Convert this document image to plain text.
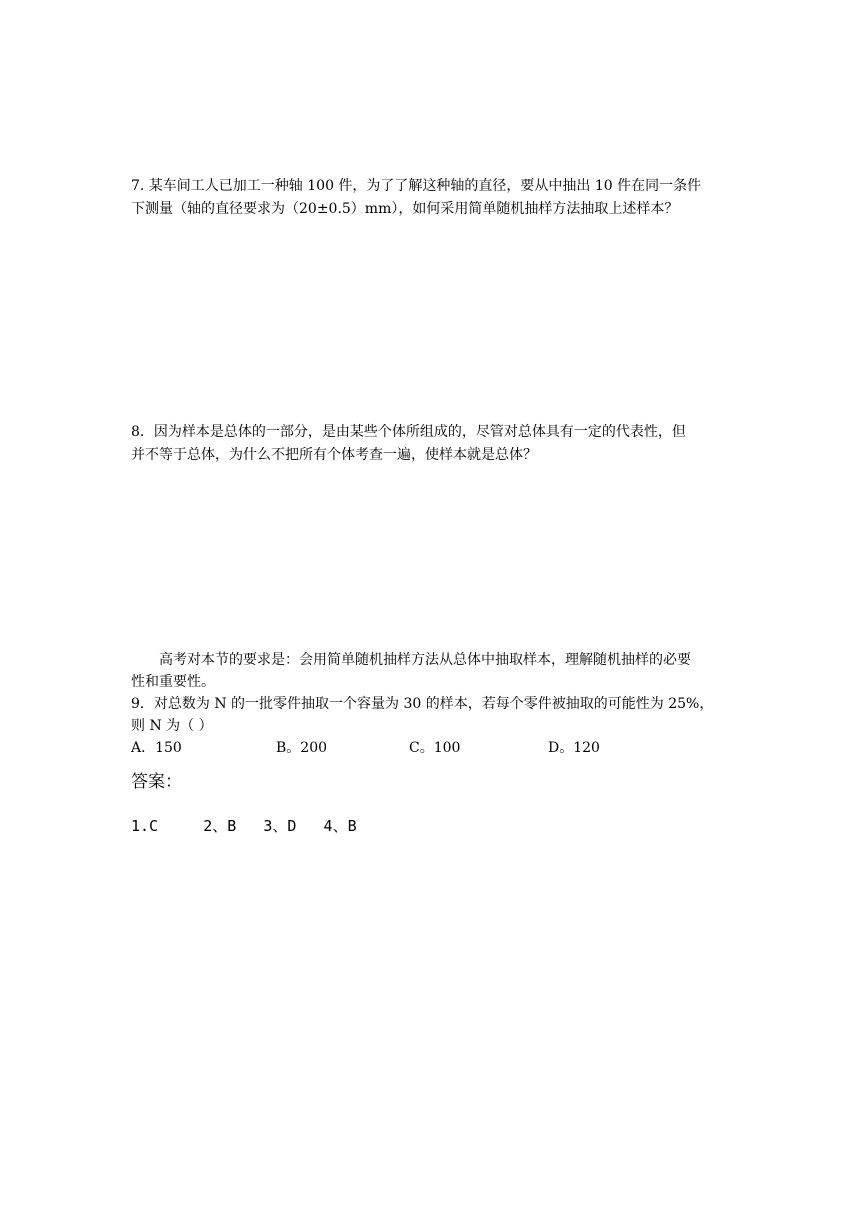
7. 某车间工人已加工一种轴 100 件，为了了解这种轴的直径，要从中抽出 10 件在同一条件
下测量（轴的直径要求为（20±0.5）mm），如何采用简单随机抽样方法抽取上述样本？
8．因为样本是总体的一部分，是由某些个体所组成的，尽管对总体具有一定的代表性，但
并不等于总体，为什么不把所有个体考查一遍，使样本就是总体？
高考对本节的要求是：会用简单随机抽样方法从总体中抽取样本，理解随机抽样的必要
性和重要性。
9．对总数为 N 的一批零件抽取一个容量为 30 的样本，若每个零件被抽取的可能性为 25%，
则 N 为（ ）
A．150	B。200	C。100	D。120
答案：
1.C     2、B   3、D   4、B
